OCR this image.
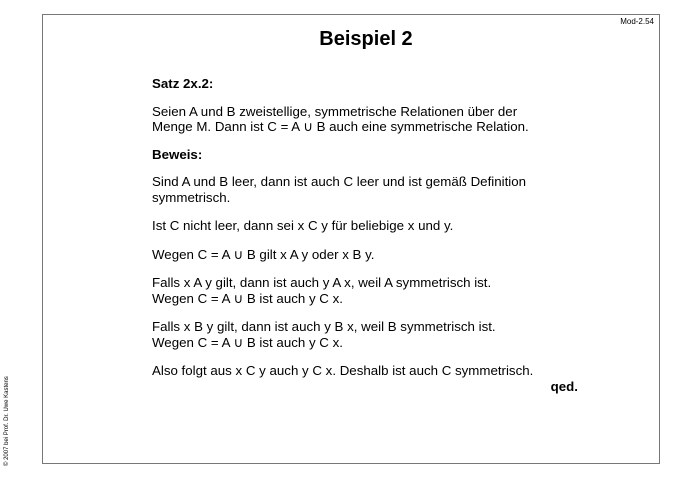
Mod-2.54
Beispiel 2

Satz 2x.2:

Seien A und B zweistellige, symmetrische Relationen über der

Menge M. Dann ist C = A ∪ B auch eine symmetrische Relation.

Beweis:

Sind A und B leer, dann ist auch C leer und ist gemäß Definition

symmetrisch.

Ist C nicht leer, dann sei x C y für beliebige x und y.

Wegen C = A ∪ B gilt x A y oder x B y.

Falls x A y gilt, dann ist auch y A x, weil A symmetrisch ist.

Wegen C = A ∪ B ist auch y C x.

Falls x B y gilt, dann ist auch y B x, weil B symmetrisch ist.

Wegen C = A ∪ B ist auch y C x.

Also folgt aus x C y auch y C x. Deshalb ist auch C symmetrisch.

qed.

© 2007 bei Prof. Dr. Uwe Kastens
